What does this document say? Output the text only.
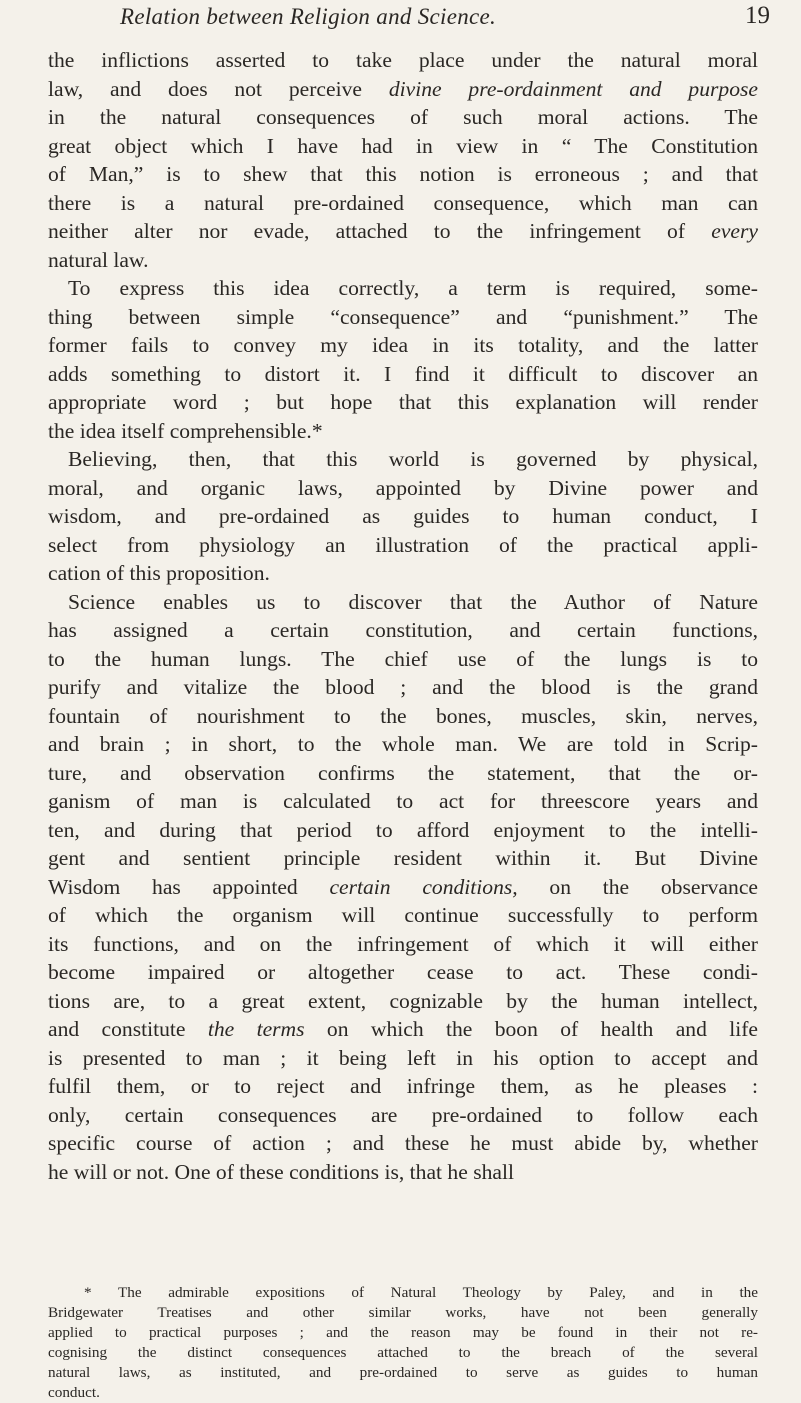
Relation between Religion and Science.	19
the inflictions asserted to take place under the natural moral
law, and does not perceive divine pre-ordainment and purpose
in the natural consequences of such moral actions. The
great object which I have had in view in “ The Constitution
of Man,” is to shew that this notion is erroneous ; and that
there is a natural pre-ordained consequence, which man can
neither alter nor evade, attached to the infringement of every
natural law.
To express this idea correctly, a term is required, some-
thing between simple “consequence” and “punishment.” The
former fails to convey my idea in its totality, and the latter
adds something to distort it. I find it difficult to discover an
appropriate word ; but hope that this explanation will render
the idea itself comprehensible.*
Believing, then, that this world is governed by physical,
moral, and organic laws, appointed by Divine power and
wisdom, and pre-ordained as guides to human conduct, I
select from physiology an illustration of the practical appli-
cation of this proposition.
Science enables us to discover that the Author of Nature
has assigned a certain constitution, and certain functions,
to the human lungs. The chief use of the lungs is to
purify and vitalize the blood ; and the blood is the grand
fountain of nourishment to the bones, muscles, skin, nerves,
and brain ; in short, to the whole man. We are told in Scrip-
ture, and observation confirms the statement, that the or-
ganism of man is calculated to act for threescore years and
ten, and during that period to afford enjoyment to the intelli-
gent and sentient principle resident within it. But Divine
Wisdom has appointed certain conditions, on the observance
of which the organism will continue successfully to perform
its functions, and on the infringement of which it will either
become impaired or altogether cease to act. These condi-
tions are, to a great extent, cognizable by the human intellect,
and constitute the terms on which the boon of health and life
is presented to man ; it being left in his option to accept and
fulfil them, or to reject and infringe them, as he pleases :
only, certain consequences are pre-ordained to follow each
specific course of action ; and these he must abide by, whether
he will or not. One of these conditions is, that he shall
* The admirable expositions of Natural Theology by Paley, and in the
Bridgewater Treatises and other similar works, have not been generally
applied to practical purposes ; and the reason may be found in their not re-
cognising the distinct consequences attached to the breach of the several
natural laws, as instituted, and pre-ordained to serve as guides to human
conduct.
